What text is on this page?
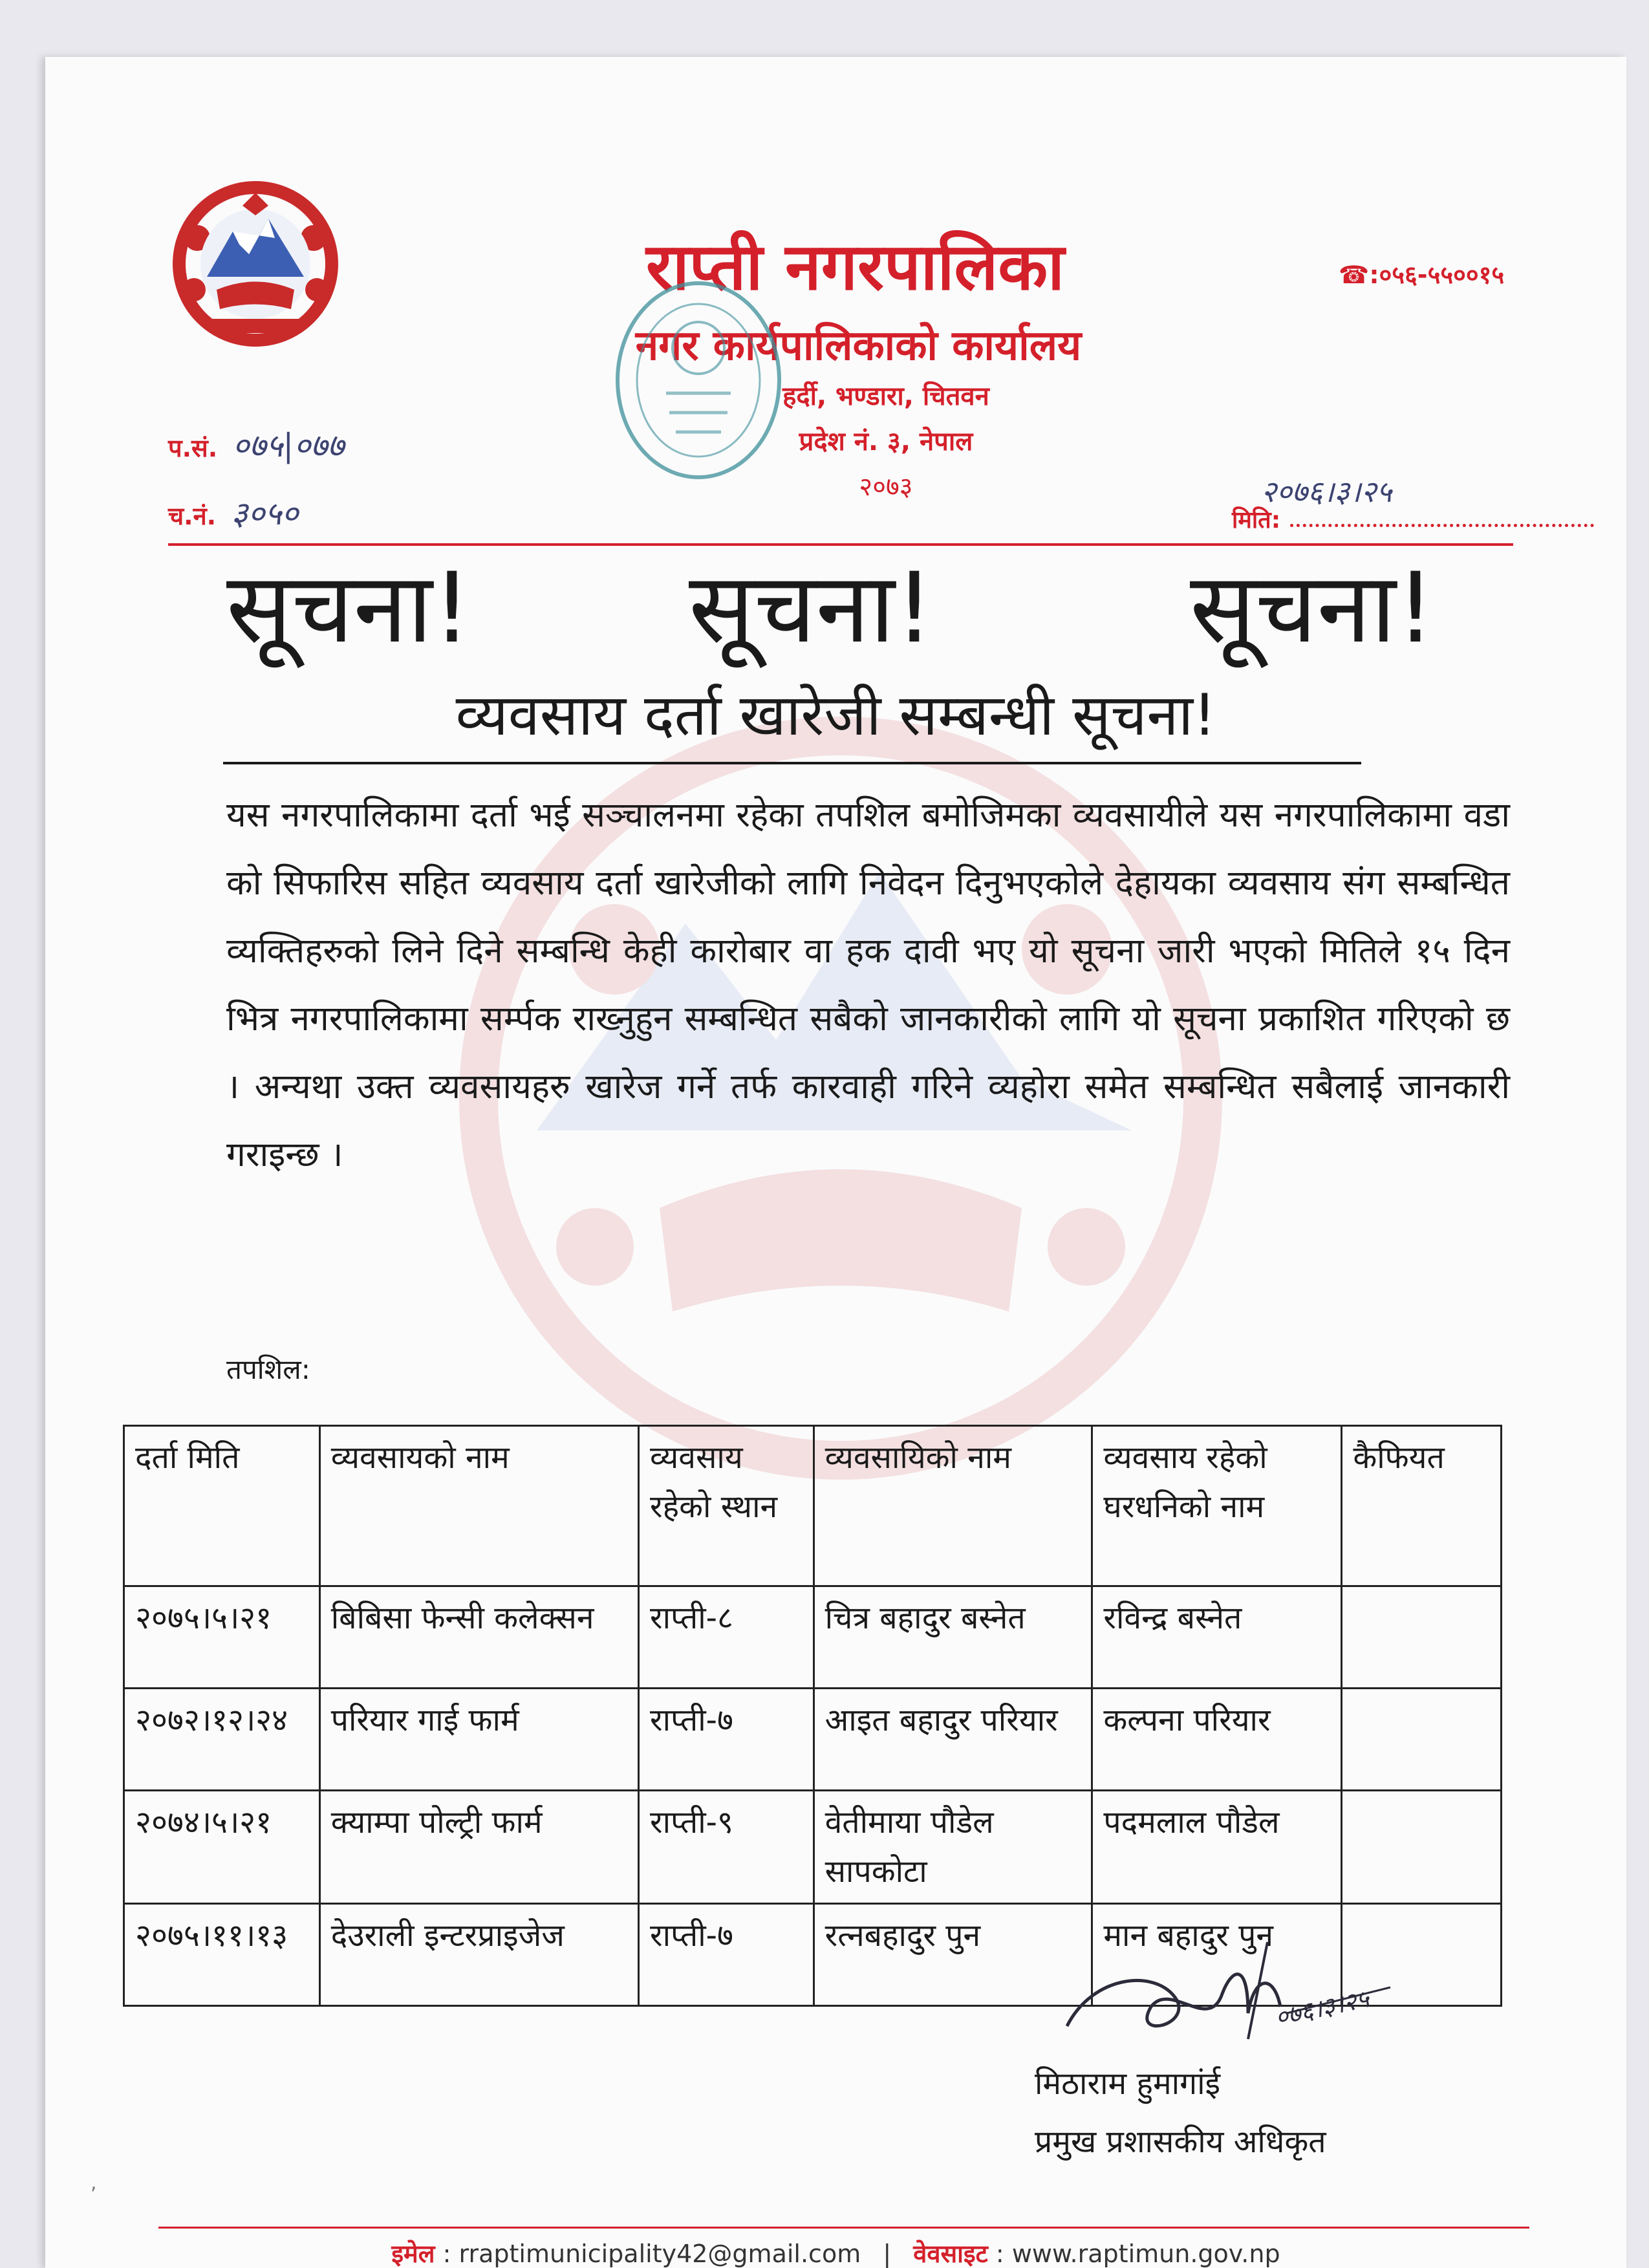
राप्ती नगरपालिका
नगर कार्यपालिकाको कार्यालय
हर्दी, भण्डारा, चितवन
प्रदेश नं. ३, नेपाल
२०७३
☎:०५६-५५००१५
प.सं. ०७५|०७७
च.नं. ३०५०
२०७६।३।२५
मिति:
सूचना! सूचना!	सूचना!
व्यवसाय दर्ता खारेजी सम्बन्धी सूचना!

यस नगरपालिकामा दर्ता भई सञ्चालनमा रहेका तपशिल बमोजिमका व्यवसायीले यस नगरपालिकामा वडा को सिफारिस सहित व्यवसाय दर्ता खारेजीको लागि निवेदन दिनुभएकोले देहायका व्यवसाय संग सम्बन्धित व्यक्तिहरुको लिने दिने सम्बन्धि केही कारोबार वा हक दावी भए यो सूचना जारी भएको मितिले १५ दिन भित्र नगरपालिकामा सर्म्पक राख्नुहुन सम्बन्धित सबैको जानकारीको लागि यो सूचना प्रकाशित गरिएको छ । अन्यथा उक्त व्यवसायहरु खारेज गर्ने तर्फ कारवाही गरिने व्यहोरा समेत सम्बन्धित सबैलाई जानकारी गराइन्छ ।

तपशिल:
दर्ता मिति	व्यवसायको नाम	व्यवसाय रहेको स्थान	व्यवसायिको नाम	व्यवसाय रहेको घरधनिको नाम	कैफियत
२०७५।५।२१	बिबिसा फेन्सी कलेक्सन	राप्ती-८	चित्र बहादुर बस्नेत	रविन्द्र बस्नेत	
२०७२।१२।२४	परियार गाई फार्म	राप्ती-७	आइत बहादुर परियार	कल्पना परियार	
२०७४।५।२१	क्याम्पा पोल्ट्री फार्म	राप्ती-९	वेतीमाया पौडेल सापकोटा	पदमलाल पौडेल	
२०७५।११।१३	देउराली इन्टरप्राइजेज	राप्ती-७	रत्नबहादुर पुन	मान बहादुर पुन	
०७६।३।२५
मिठाराम हुमागांई
प्रमुख प्रशासकीय अधिकृत
,
इमेल : rraptimunicipality42@gmail.com | वेवसाइट : www.raptimun.gov.np
